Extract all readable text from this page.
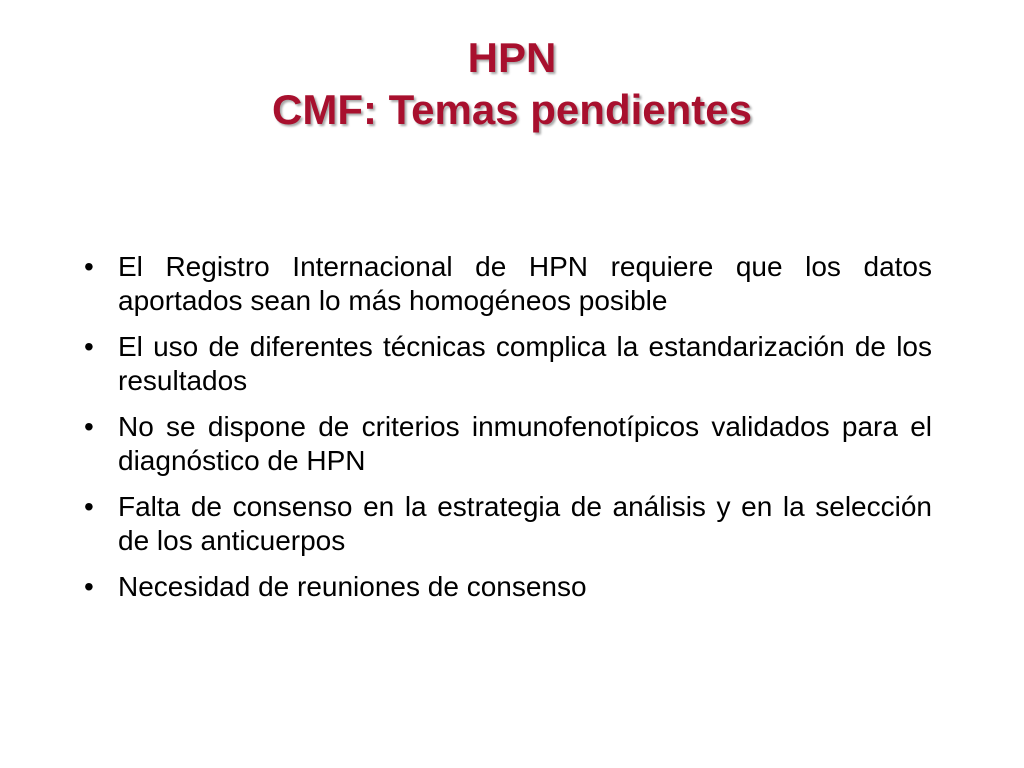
HPN
CMF: Temas pendientes
• El Registro Internacional de HPN requiere que los datos aportados sean lo más homogéneos posible
• El uso de diferentes técnicas complica la estandarización de los resultados
• No se dispone de criterios inmunofenotípicos validados para el diagnóstico de HPN
• Falta de consenso en la estrategia de análisis y en la selección de los anticuerpos
• Necesidad de reuniones de consenso
